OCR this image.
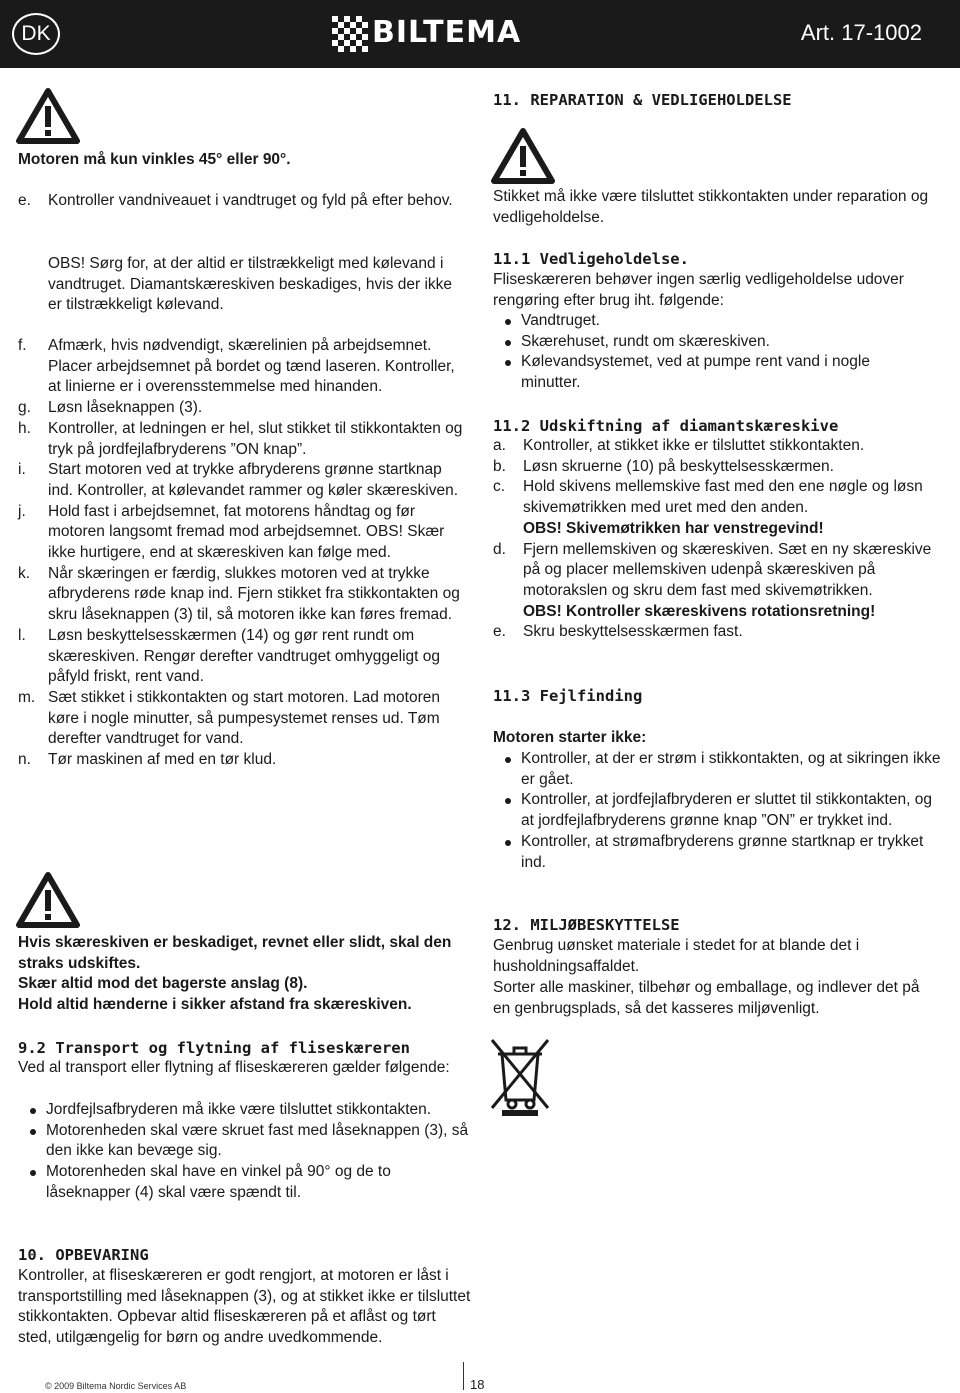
DK	BILTEMA	Art. 17-1002
Motoren må kun vinkles 45° eller 90°.
e. Kontroller vandniveauet i vandtruget og fyld på efter behov.
OBS! Sørg for, at der altid er tilstrækkeligt med kølevand i vandtruget. Diamantskæreskiven beskadiges, hvis der ikke er tilstrækkeligt kølevand.
f. Afmærk, hvis nødvendigt, skærelinien på arbejdsemnet. Placer arbejdsemnet på bordet og tænd laseren. Kontroller, at linierne er i overensstemmelse med hinanden.
g. Løsn låseknappen (3).
h. Kontroller, at ledningen er hel, slut stikket til stikkontakten og tryk på jordfejlafbryderens ”ON knap”.
i. Start motoren ved at trykke afbryderens grønne startknap ind. Kontroller, at kølevandet rammer og køler skæreskiven.
j. Hold fast i arbejdsemnet, fat motorens håndtag og før motoren langsomt fremad mod arbejdsemnet. OBS! Skær ikke hurtigere, end at skæreskiven kan følge med.
k. Når skæringen er færdig, slukkes motoren ved at trykke afbryderens røde knap ind. Fjern stikket fra stikkontakten og skru låseknappen (3) til, så motoren ikke kan føres fremad.
l. Løsn beskyttelsesskærmen (14) og gør rent rundt om skæreskiven. Rengør derefter vandtruget omhyggeligt og påfyld friskt, rent vand.
m. Sæt stikket i stikkontakten og start motoren. Lad motoren køre i nogle minutter, så pumpesystemet renses ud. Tøm derefter vandtruget for vand.
n. Tør maskinen af med en tør klud.
Hvis skæreskiven er beskadiget, revnet eller slidt, skal den straks udskiftes.
Skær altid mod det bagerste anslag (8).
Hold altid hænderne i sikker afstand fra skæreskiven.
9.2 Transport og flytning af fliseskæreren
Ved al transport eller flytning af fliseskæreren gælder følgende:
Jordfejlsafbryderen må ikke være tilsluttet stikkontakten.
Motorenheden skal være skruet fast med låseknappen (3), så den ikke kan bevæge sig.
Motorenheden skal have en vinkel på 90° og de to låseknapper (4) skal være spændt til.
10. OPBEVARING
Kontroller, at fliseskæreren er godt rengjort, at motoren er låst i transportstilling med låseknappen (3), og at stikket ikke er tilsluttet stikkontakten. Opbevar altid fliseskæreren på et aflåst og tørt sted, utilgængelig for børn og andre uvedkommende.
11. REPARATION & VEDLIGEHOLDELSE
Stikket må ikke være tilsluttet stikkontakten under reparation og vedligeholdelse.
11.1 Vedligeholdelse.
Fliseskæreren behøver ingen særlig vedligeholdelse udover rengøring efter brug iht. følgende:
Vandtruget.
Skærehuset, rundt om skæreskiven.
Kølevandsystemet, ved at pumpe rent vand i nogle minutter.
11.2 Udskiftning af diamantskæreskive
a. Kontroller, at stikket ikke er tilsluttet stikkontakten.
b. Løsn skruerne (10) på beskyttelsesskærmen.
c. Hold skivens mellemskive fast med den ene nøgle og løsn skivemøtrikken med uret med den anden.
OBS! Skivemøtrikken har venstregevind!
d. Fjern mellemskiven og skæreskiven. Sæt en ny skæreskive på og placer mellemskiven udenpå skæreskiven på motorakslen og skru dem fast med skivemøtrikken.
OBS! Kontroller skæreskivens rotationsretning!
e. Skru beskyttelsesskærmen fast.
11.3 Fejlfinding
Motoren starter ikke:
Kontroller, at der er strøm i stikkontakten, og at sikringen ikke er gået.
Kontroller, at jordfejlafbryderen er sluttet til stikkontakten, og at jordfejlafbryderens grønne knap ”ON” er trykket ind.
Kontroller, at strømafbryderens grønne startknap er trykket ind.
12. MILJØBESKYTTELSE
Genbrug uønsket materiale i stedet for at blande det i husholdningsaffaldet.
Sorter alle maskiner, tilbehør og emballage, og indlever det på en genbrugsplads, så det kasseres miljøvenligt.
© 2009 Biltema Nordic Services AB	18
